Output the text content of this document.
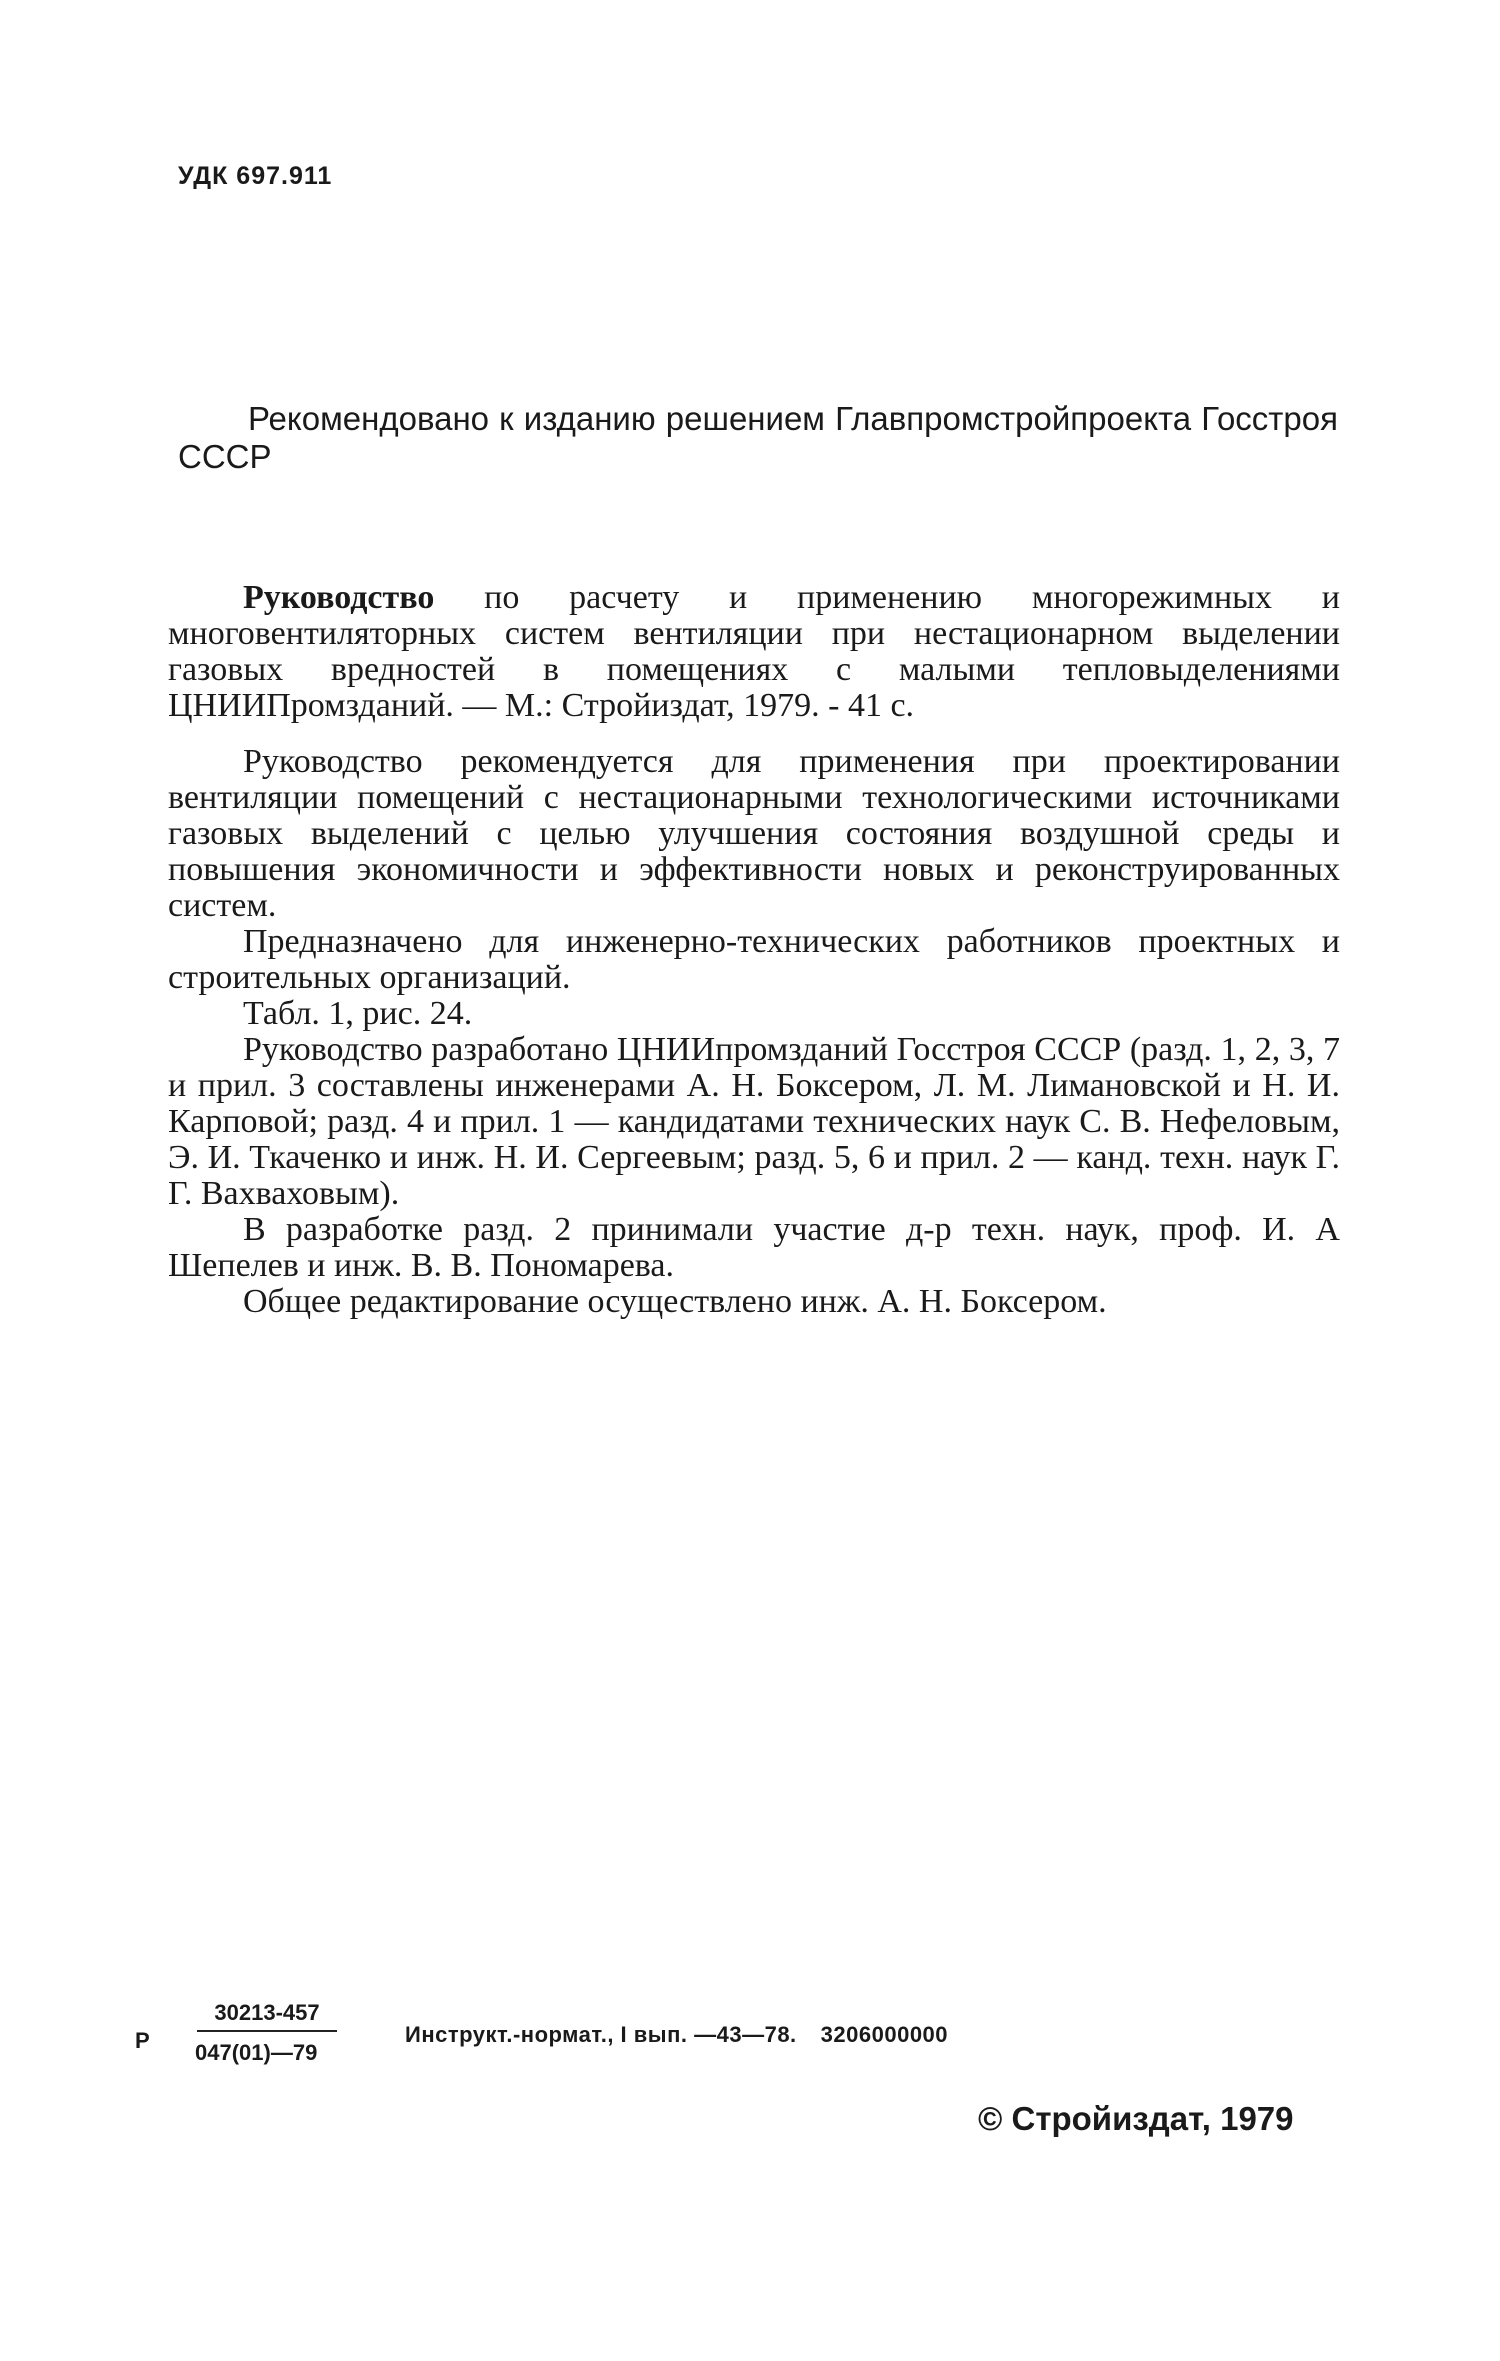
УДК 697.911

Рекомендовано к изданию решением Главпромстройпроекта Госстроя СССР

Руководство по расчету и применению многорежимных и многовентиляторных систем вентиляции при нестационарном выделении газовых вредностей в помещениях с малыми тепловыделениями ЦНИИПромзданий. — М.: Стройиздат, 1979. - 41 с.

Руководство рекомендуется для применения при проектировании вентиляции помещений с нестационарными технологическими источниками газовых выделений с целью улучшения состояния воздушной среды и повышения экономичности и эффективности новых и реконструированных систем.

Предназначено для инженерно-технических работников проектных и строительных организаций.

Табл. 1, рис. 24.

Руководство разработано ЦНИИпромзданий Госстроя СССР (разд. 1, 2, 3, 7 и прил. 3 составлены инженерами А. Н. Боксером, Л. М. Лимановской и Н. И. Карповой; разд. 4 и прил. 1 — кандидатами технических наук С. В. Нефеловым, Э. И. Ткаченко и инж. Н. И. Сергеевым; разд. 5, 6 и прил. 2 — канд. техн. наук Г. Г. Вахваховым).

В разработке разд. 2 принимали участие д-р техн. наук, проф. И. А Шепелев и инж. В. В. Пономарева.

Общее редактирование осуществлено инж. А. Н. Боксером.

Р
30213-457
047(01)—79
Инструкт.-нормат., I вып. —43—78. 3206000000
© Стройиздат, 1979
